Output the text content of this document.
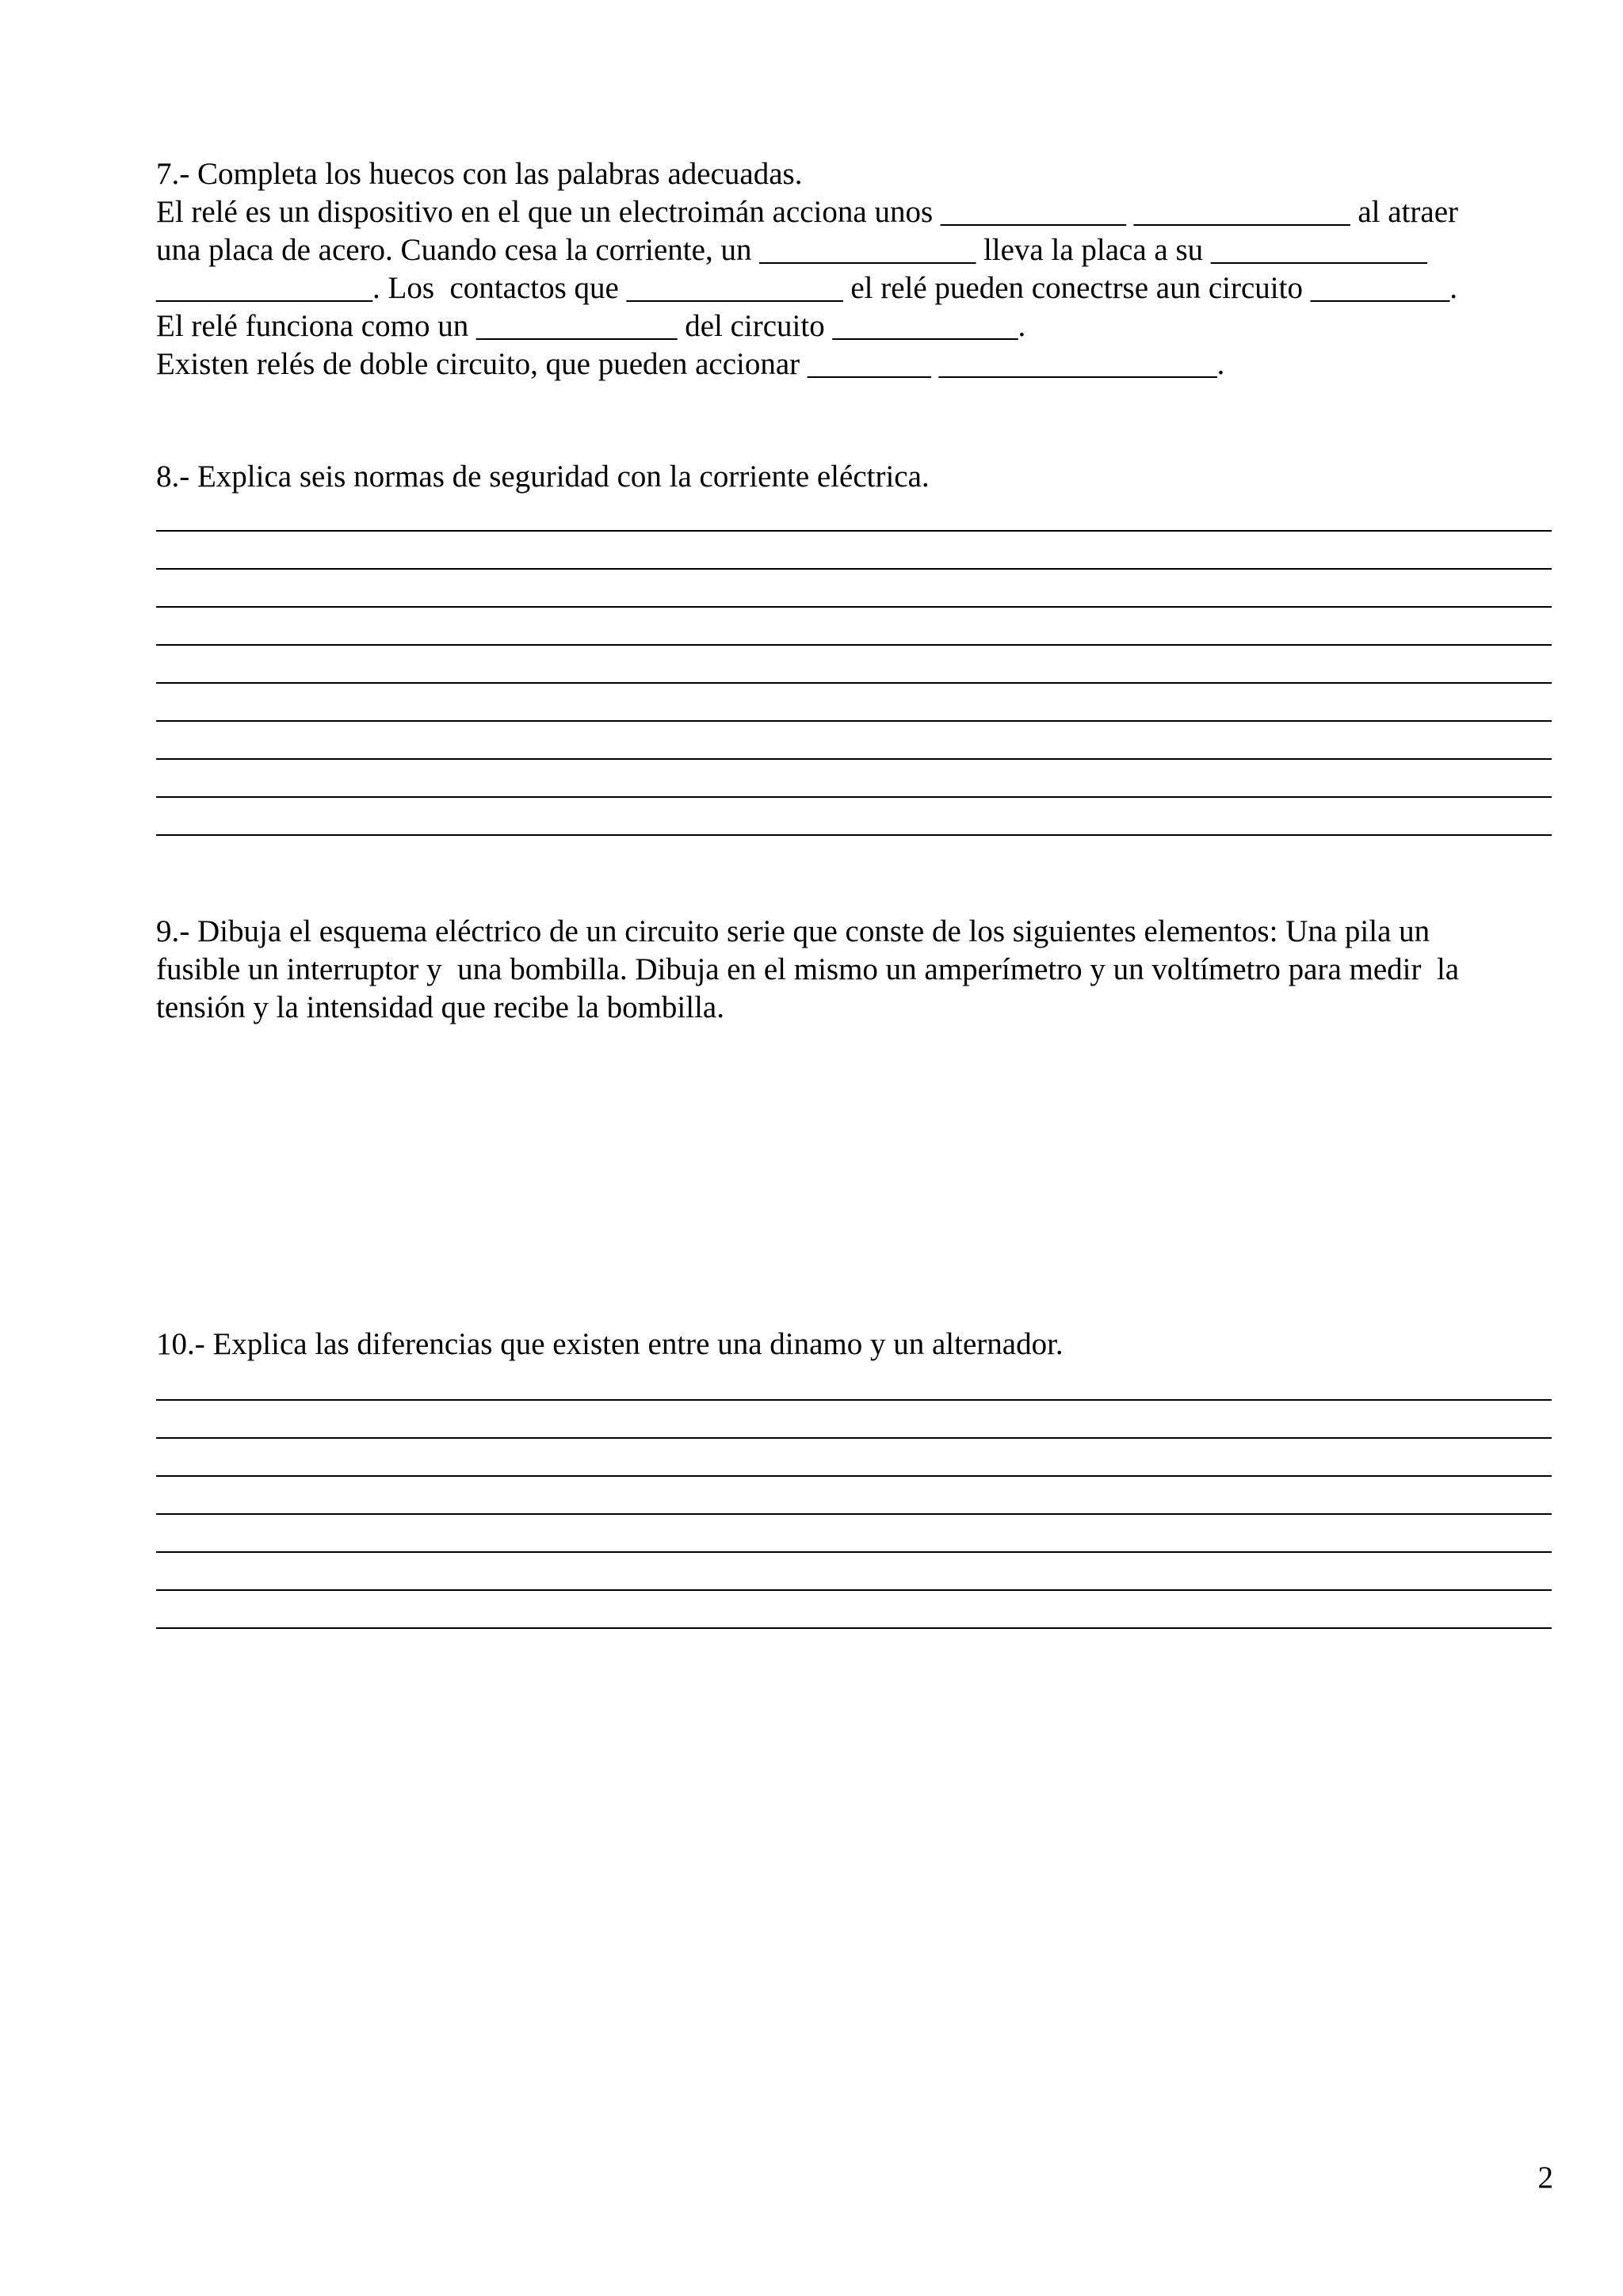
7.- Completa los huecos con las palabras adecuadas.
El relé es un dispositivo en el que un electroimán acciona unos ____________ ______________ al atraer
una placa de acero. Cuando cesa la corriente, un ______________ lleva la placa a su ______________
______________. Los  contactos que ______________ el relé pueden conectrse aun circuito _________.
El relé funciona como un _____________ del circuito ____________.
Existen relés de doble circuito, que pueden accionar ________ __________________.
8.- Explica seis normas de seguridad con la corriente eléctrica.
9.- Dibuja el esquema eléctrico de un circuito serie que conste de los siguientes elementos: Una pila un
fusible un interruptor y  una bombilla. Dibuja en el mismo un amperímetro y un voltímetro para medir  la
tensión y la intensidad que recibe la bombilla.
10.- Explica las diferencias que existen entre una dinamo y un alternador.
2
